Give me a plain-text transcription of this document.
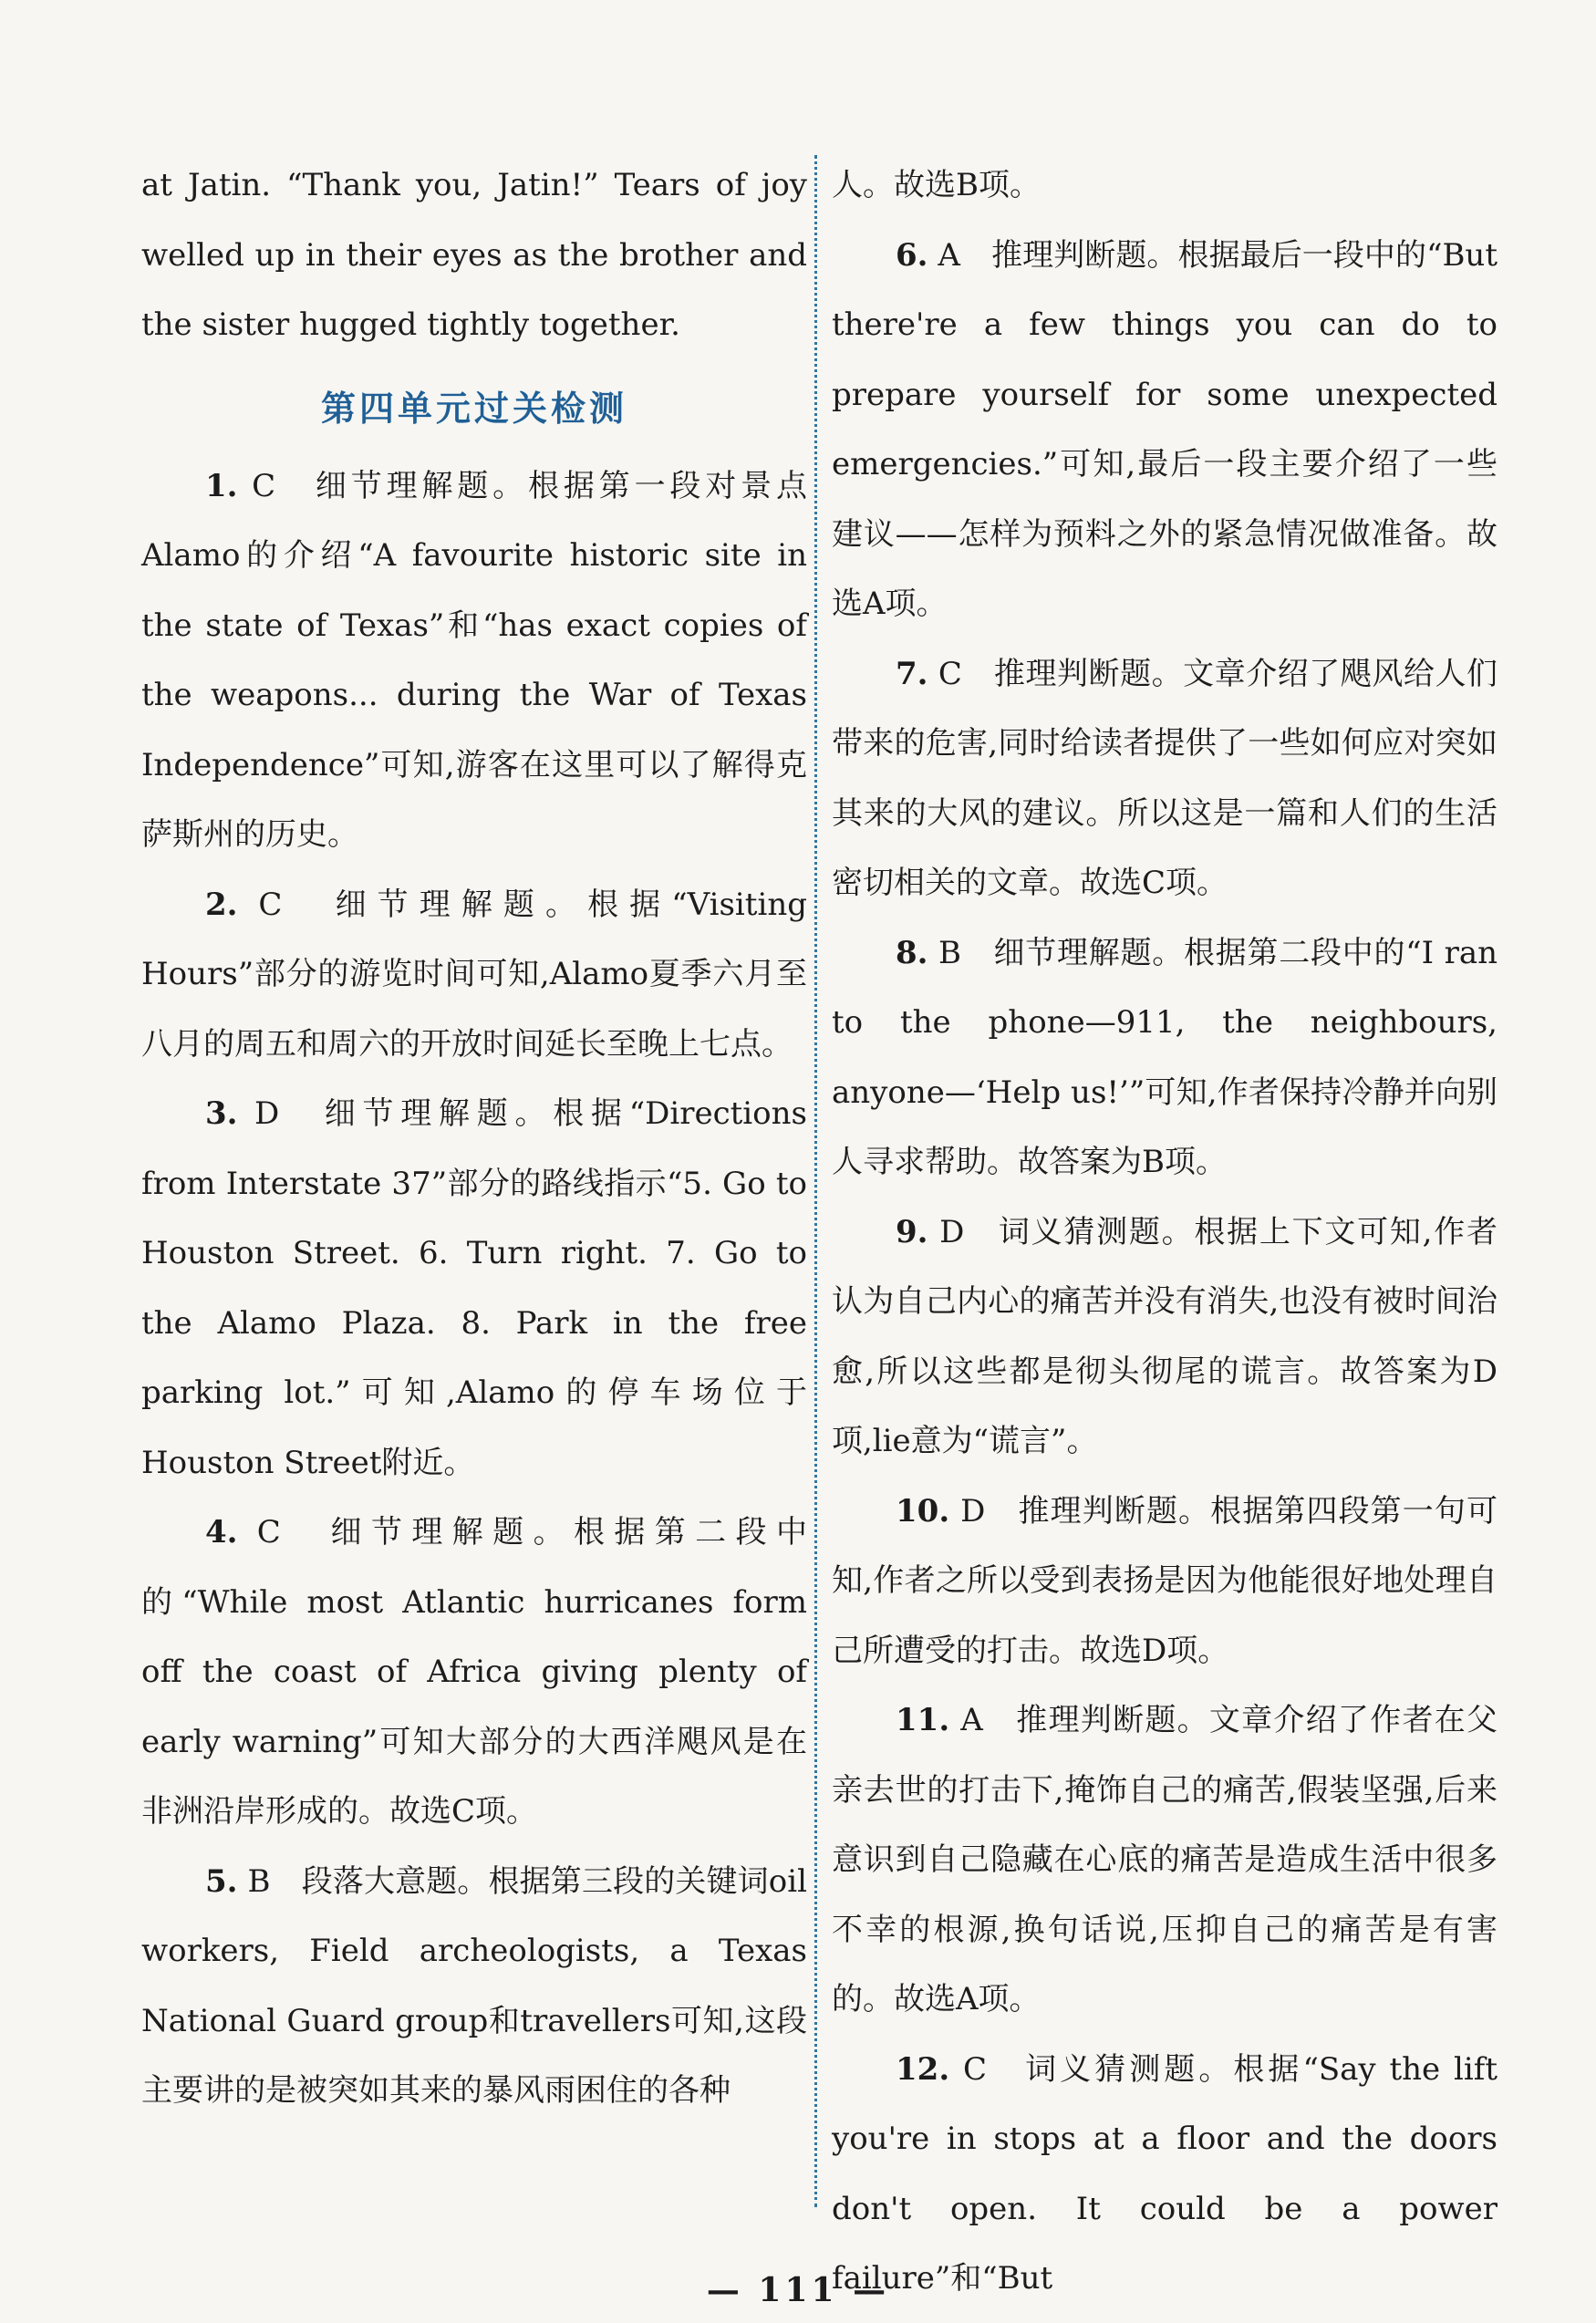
at Jatin. “Thank you, Jatin!” Tears of joy welled up in their eyes as the brother and the sister hugged tightly together.

第四单元过关检测

1. C　细节理解题。根据第一段对景点Alamo的介绍“A favourite historic site in the state of Texas”和“has exact copies of the weapons... during the War of Texas Independence”可知,游客在这里可以了解得克萨斯州的历史。

2. C　细节理解题。根据“Visiting Hours”部分的游览时间可知,Alamo夏季六月至八月的周五和周六的开放时间延长至晚上七点。

3. D　细节理解题。根据“Directions from Interstate 37”部分的路线指示“5. Go to Houston Street. 6. Turn right. 7. Go to the Alamo Plaza. 8. Park in the free parking lot.”可知,Alamo的停车场位于Houston Street附近。

4. C　细节理解题。根据第二段中的“While most Atlantic hurricanes form off the coast of Africa giving plenty of early warning”可知大部分的大西洋飓风是在非洲沿岸形成的。故选C项。

5. B　段落大意题。根据第三段的关键词oil workers, Field archeologists, a Texas National Guard group和travellers可知,这段主要讲的是被突如其来的暴风雨困住的各种

人。故选B项。

6. A　推理判断题。根据最后一段中的“But there're a few things you can do to prepare yourself for some unexpected emergencies.”可知,最后一段主要介绍了一些建议——怎样为预料之外的紧急情况做准备。故选A项。

7. C　推理判断题。文章介绍了飓风给人们带来的危害,同时给读者提供了一些如何应对突如其来的大风的建议。所以这是一篇和人们的生活密切相关的文章。故选C项。

8. B　细节理解题。根据第二段中的“I ran to the phone—911, the neighbours, anyone—‘Help us!’”可知,作者保持冷静并向别人寻求帮助。故答案为B项。

9. D　词义猜测题。根据上下文可知,作者认为自己内心的痛苦并没有消失,也没有被时间治愈,所以这些都是彻头彻尾的谎言。故答案为D项,lie意为“谎言”。

10. D　推理判断题。根据第四段第一句可知,作者之所以受到表扬是因为他能很好地处理自己所遭受的打击。故选D项。

11. A　推理判断题。文章介绍了作者在父亲去世的打击下,掩饰自己的痛苦,假装坚强,后来意识到自己隐藏在心底的痛苦是造成生活中很多不幸的根源,换句话说,压抑自己的痛苦是有害的。故选A项。

12. C　词义猜测题。根据“Say the lift you're in stops at a floor and the doors don't open. It could be a power failure”和“But

— 111 —
